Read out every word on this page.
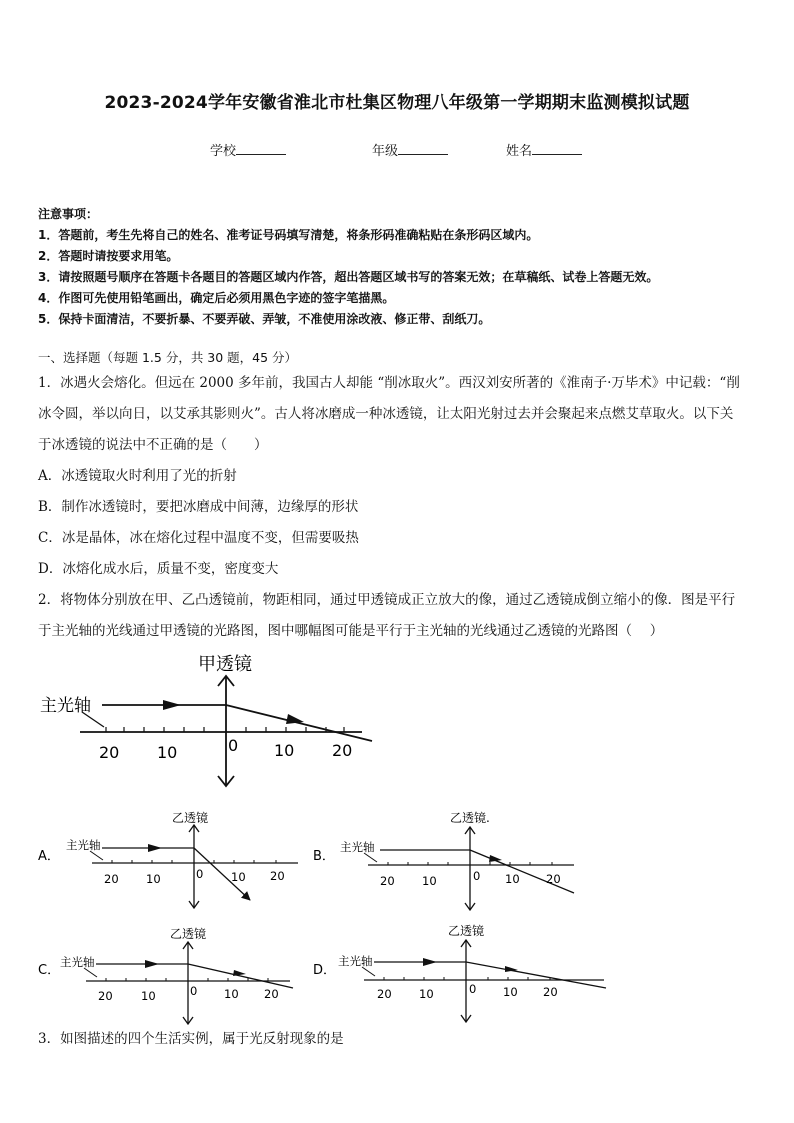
2023-2024学年安徽省淮北市杜集区物理八年级第一学期期末监测模拟试题
学校	年级	姓名
注意事项：
1．答题前，考生先将自己的姓名、准考证号码填写清楚，将条形码准确粘贴在条形码区域内。
2．答题时请按要求用笔。
3．请按照题号顺序在答题卡各题目的答题区域内作答，超出答题区域书写的答案无效；在草稿纸、试卷上答题无效。
4．作图可先使用铅笔画出，确定后必须用黑色字迹的签字笔描黑。
5．保持卡面清洁，不要折暴、不要弄破、弄皱，不准使用涂改液、修正带、刮纸刀。
一、选择题（每题 1.5 分，共 30 题，45 分）
1．冰遇火会熔化。但远在 2000 多年前，我国古人却能 “削冰取火”。西汉刘安所著的《淮南子·万毕术》中记载：“削
冰令圆，举以向日，以艾承其影则火”。古人将冰磨成一种冰透镜，让太阳光射过去并会聚起来点燃艾草取火。以下关
于冰透镜的说法中不正确的是（　　）
A．冰透镜取火时利用了光的折射
B．制作冰透镜时，要把冰磨成中间薄，边缘厚的形状
C．冰是晶体，冰在熔化过程中温度不变，但需要吸热
D．冰熔化成水后，质量不变，密度变大
2．将物体分别放在甲、乙凸透镜前，物距相同，通过甲透镜成正立放大的像，通过乙透镜成倒立缩小的像．图是平行
于主光轴的光线通过甲透镜的光路图，图中哪幅图可能是平行于主光轴的光线通过乙透镜的光路图（　 ）
甲透镜
主光轴
20 10	0 10 20
A．
乙透镜
主光轴
20 10	0 10 20
B．
乙透镜.
主光轴
20 10	0 10 20
C．
乙透镜
主光轴
20 10	0 10 20
D．
乙透镜
主光轴
20 10	0 10 20
3．如图描述的四个生活实例，属于光反射现象的是
